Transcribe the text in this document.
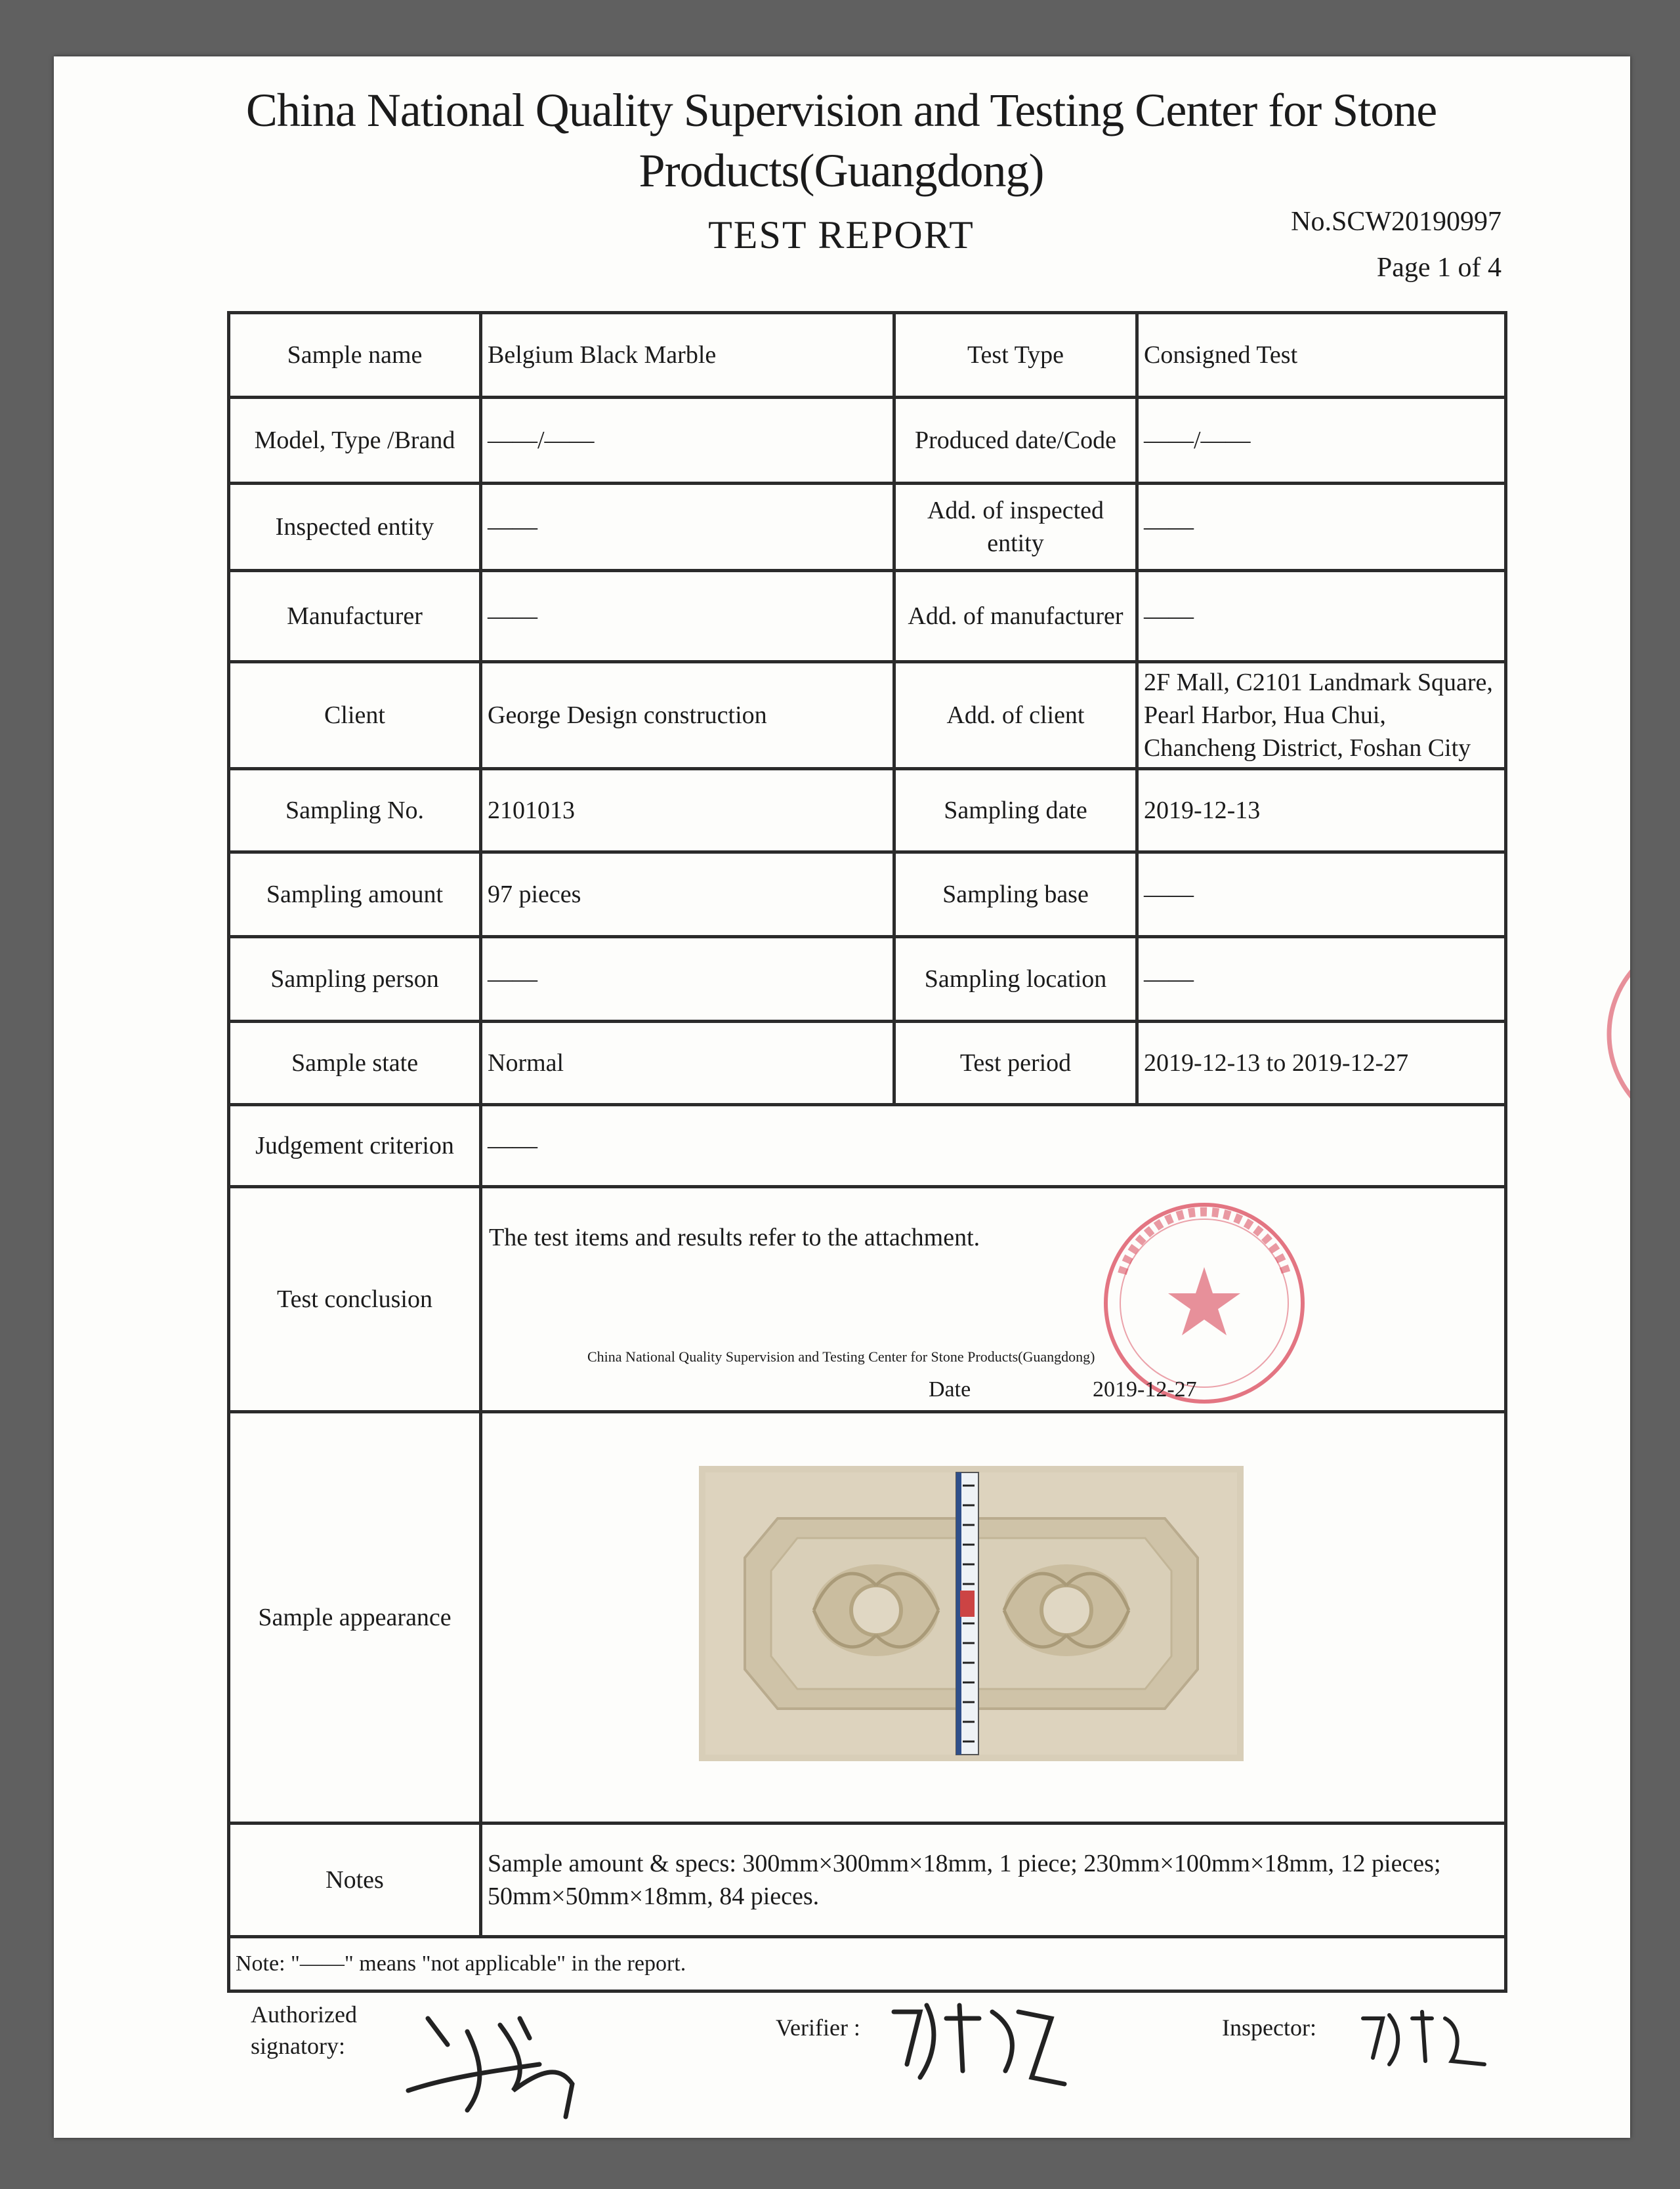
China National Quality Supervision and Testing Center for Stone Products(Guangdong)
TEST REPORT	No.SCW20190997
Page 1 of 4
Sample name	Belgium Black Marble	Test Type	Consigned Test
Model, Type /Brand	——/——	Produced date/Code	——/——
Inspected entity	——	Add. of inspected entity	——
Manufacturer	——	Add. of manufacturer	——
Client	George Design construction	Add. of client	2F Mall, C2101 Landmark Square, Pearl Harbor, Hua Chui, Chancheng District, Foshan City
Sampling No.	2101013	Sampling date	2019-12-13
Sampling amount	97 pieces	Sampling base	——
Sampling person	——	Sampling location	——
Sample state	Normal	Test period	2019-12-13 to 2019-12-27
Judgement criterion	——		
Test conclusion	The test items and results refer to the attachment.
China National Quality Supervision and Testing Center for Stone Products(Guangdong)
Date 2019-12-27		

Sample appearance	

Notes	Sample amount & specs: 300mm×300mm×18mm, 1 piece; 230mm×100mm×18mm, 12 pieces; 50mm×50mm×18mm, 84 pieces.		
Note: "——" means "not applicable" in the report.			
Authorized signatory:
Verifier :	Inspector:
